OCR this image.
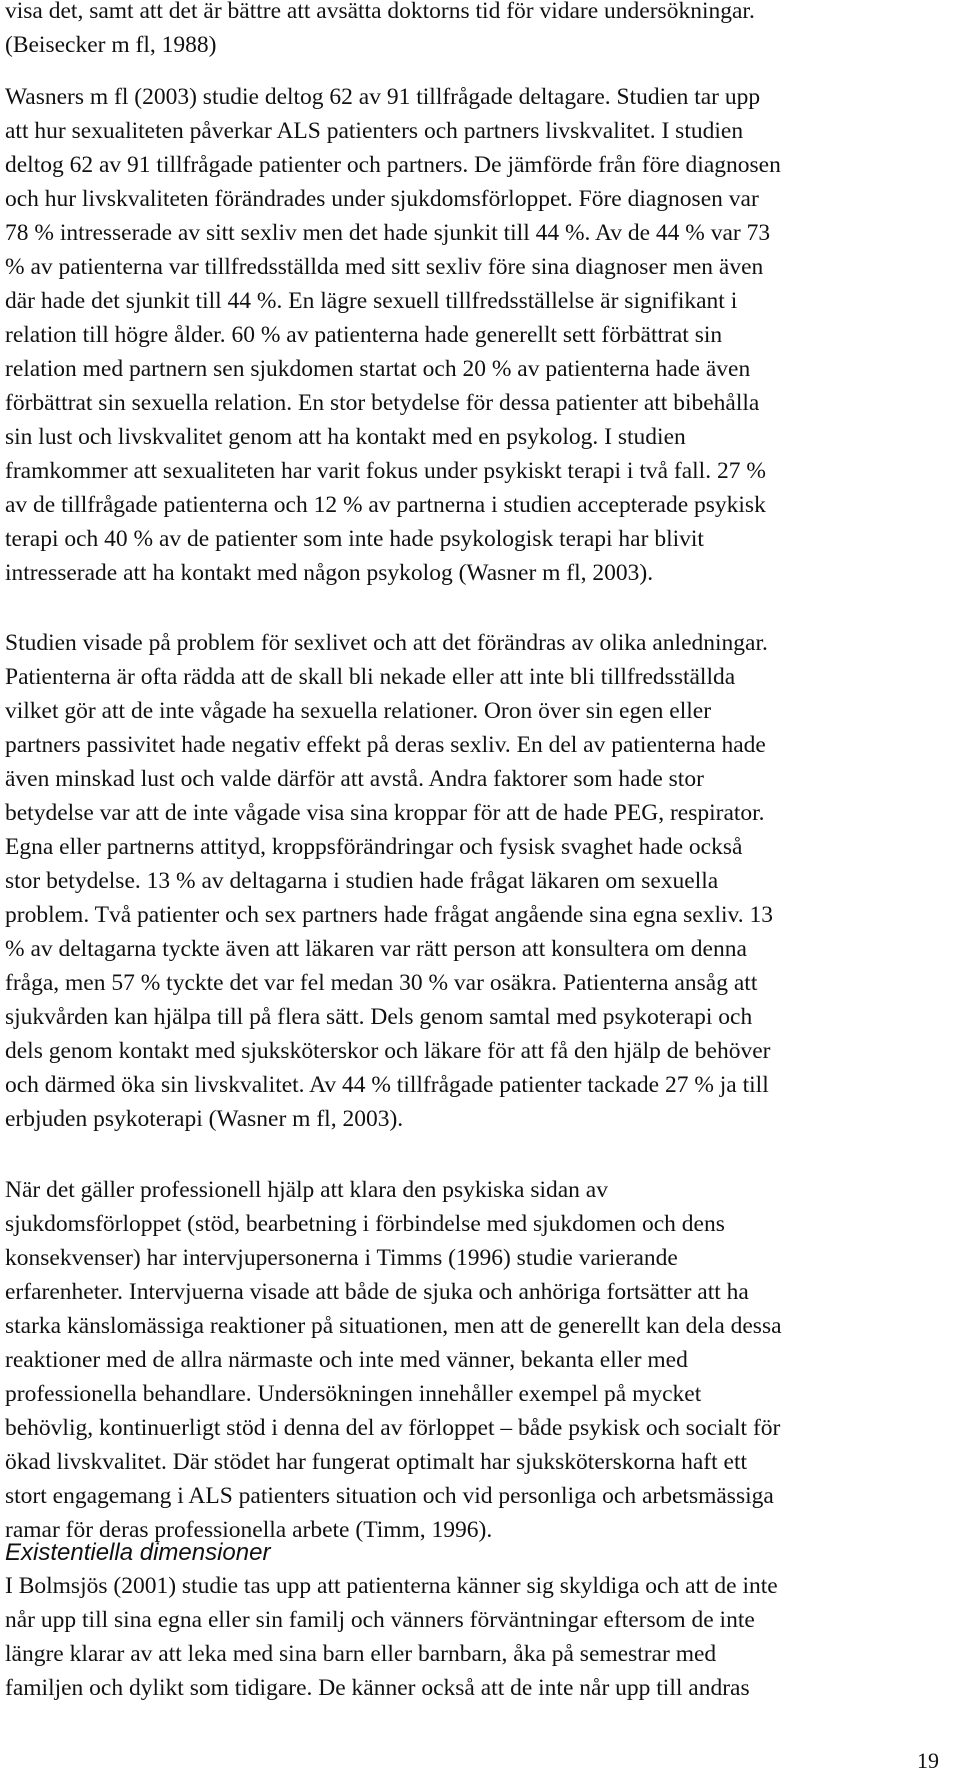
visa det, samt att det är bättre att avsätta doktorns tid för vidare undersökningar.
(Beisecker m fl, 1988)
Wasners m fl (2003) studie deltog 62 av 91 tillfrågade deltagare. Studien tar upp
att hur sexualiteten påverkar ALS patienters och partners livskvalitet. I studien
deltog 62 av 91 tillfrågade patienter och partners. De jämförde från före diagnosen
och hur livskvaliteten förändrades under sjukdomsförloppet. Före diagnosen var
78 % intresserade av sitt sexliv men det hade sjunkit till 44 %. Av de 44 % var 73
% av patienterna var tillfredsställda med sitt sexliv före sina diagnoser men även
där hade det sjunkit till 44 %. En lägre sexuell tillfredsställelse är signifikant i
relation till högre ålder. 60 % av patienterna hade generellt sett förbättrat sin
relation med partnern sen sjukdomen startat och 20 % av patienterna hade även
förbättrat sin sexuella relation. En stor betydelse för dessa patienter att bibehålla
sin lust och livskvalitet genom att ha kontakt med en psykolog. I studien
framkommer att sexualiteten har varit fokus under psykiskt terapi i två fall. 27 %
av de tillfrågade patienterna och 12 % av partnerna i studien accepterade psykisk
terapi och 40 % av de patienter som inte hade psykologisk terapi har blivit
intresserade att ha kontakt med någon psykolog (Wasner m fl, 2003).
Studien visade på problem för sexlivet och att det förändras av olika anledningar.
Patienterna är ofta rädda att de skall bli nekade eller att inte bli tillfredsställda
vilket gör att de inte vågade ha sexuella relationer. Oron över sin egen eller
partners passivitet hade negativ effekt på deras sexliv. En del av patienterna hade
även minskad lust och valde därför att avstå. Andra faktorer som hade stor
betydelse var att de inte vågade visa sina kroppar för att de hade PEG, respirator.
Egna eller partnerns attityd, kroppsförändringar och fysisk svaghet hade också
stor betydelse. 13 % av deltagarna i studien hade frågat läkaren om sexuella
problem. Två patienter och sex partners hade frågat angående sina egna sexliv. 13
% av deltagarna tyckte även att läkaren var rätt person att konsultera om denna
fråga, men 57 % tyckte det var fel medan 30 % var osäkra. Patienterna ansåg att
sjukvården kan hjälpa till på flera sätt. Dels genom samtal med psykoterapi och
dels genom kontakt med sjuksköterskor och läkare för att få den hjälp de behöver
och därmed öka sin livskvalitet. Av 44 % tillfrågade patienter tackade 27 % ja till
erbjuden psykoterapi (Wasner m fl, 2003).
När det gäller professionell hjälp att klara den psykiska sidan av
sjukdomsförloppet (stöd, bearbetning i förbindelse med sjukdomen och dens
konsekvenser) har intervjupersonerna i Timms (1996) studie varierande
erfarenheter. Intervjuerna visade att både de sjuka och anhöriga fortsätter att ha
starka känslomässiga reaktioner på situationen, men att de generellt kan dela dessa
reaktioner med de allra närmaste och inte med vänner, bekanta eller med
professionella behandlare. Undersökningen innehåller exempel på mycket
behövlig, kontinuerligt stöd i denna del av förloppet – både psykisk och socialt för
ökad livskvalitet. Där stödet har fungerat optimalt har sjuksköterskorna haft ett
stort engagemang i ALS patienters situation och vid personliga och arbetsmässiga
ramar för deras professionella arbete (Timm, 1996).
Existentiella dimensioner
I Bolmsjös (2001) studie tas upp att patienterna känner sig skyldiga och att de inte
når upp till sina egna eller sin familj och vänners förväntningar eftersom de inte
längre klarar av att leka med sina barn eller barnbarn, åka på semestrar med
familjen och dylikt som tidigare. De känner också att de inte når upp till andras
19
